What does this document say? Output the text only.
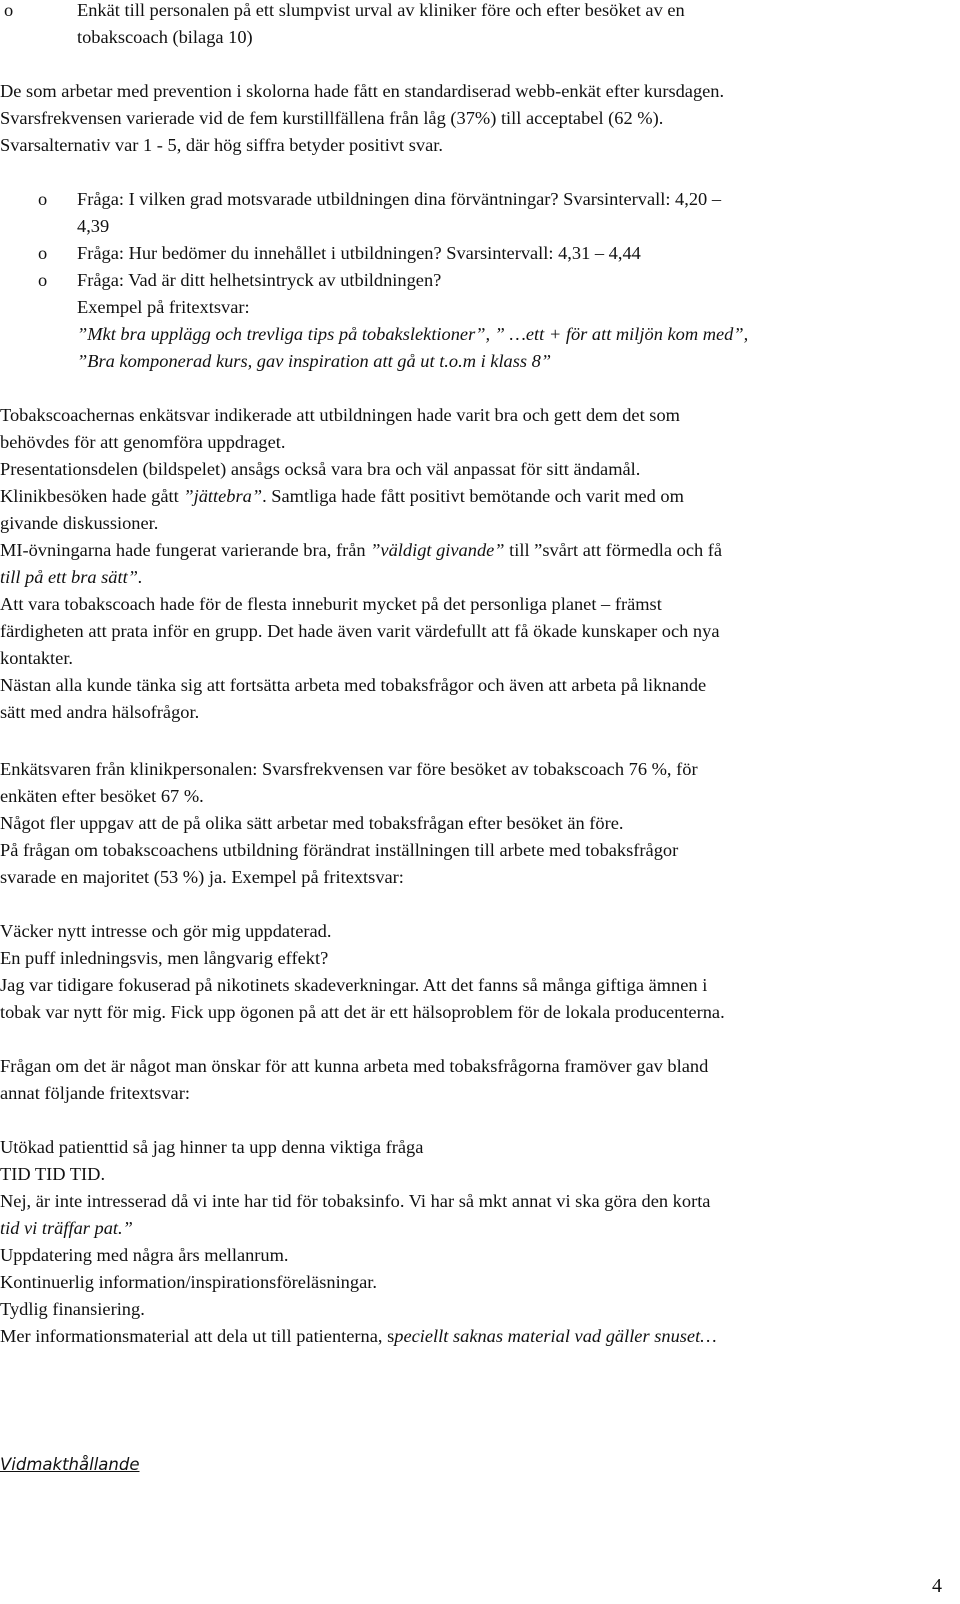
o	Enkät till personalen på ett slumpvist urval av kliniker före och efter besöket av en
tobakscoach (bilaga 10)
De som arbetar med prevention i skolorna hade fått en standardiserad webb-enkät efter kursdagen.
Svarsfrekvensen varierade vid de fem kurstillfällena från låg (37%) till acceptabel (62 %).
Svarsalternativ var 1 - 5, där hög siffra betyder positivt svar.
o Fråga: I vilken grad motsvarade utbildningen dina förväntningar? Svarsintervall: 4,20 –
4,39
o Fråga: Hur bedömer du innehållet i utbildningen? Svarsintervall: 4,31 – 4,44
o Fråga: Vad är ditt helhetsintryck av utbildningen?
Exempel på fritextsvar:
”Mkt bra upplägg och trevliga tips på tobakslektioner”, ” …ett + för att miljön kom med”,
”Bra komponerad kurs, gav inspiration att gå ut t.o.m i klass 8”
Tobakscoachernas enkätsvar indikerade att utbildningen hade varit bra och gett dem det som
behövdes för att genomföra uppdraget.
Presentationsdelen (bildspelet) ansågs också vara bra och väl anpassat för sitt ändamål.
Klinikbesöken hade gått ”jättebra”. Samtliga hade fått positivt bemötande och varit med om
givande diskussioner.
MI-övningarna hade fungerat varierande bra, från ”väldigt givande” till ”svårt att förmedla och få
till på ett bra sätt”.
Att vara tobakscoach hade för de flesta inneburit mycket på det personliga planet – främst
färdigheten att prata inför en grupp. Det hade även varit värdefullt att få ökade kunskaper och nya
kontakter.
Nästan alla kunde tänka sig att fortsätta arbeta med tobaksfrågor och även att arbeta på liknande
sätt med andra hälsofrågor.
Enkätsvaren från klinikpersonalen: Svarsfrekvensen var före besöket av tobakscoach 76 %, för
enkäten efter besöket 67 %.
Något fler uppgav att de på olika sätt arbetar med tobaksfrågan efter besöket än före.
På frågan om tobakscoachens utbildning förändrat inställningen till arbete med tobaksfrågor
svarade en majoritet (53 %) ja. Exempel på fritextsvar:
Väcker nytt intresse och gör mig uppdaterad.
En puff inledningsvis, men långvarig effekt?
Jag var tidigare fokuserad på nikotinets skadeverkningar. Att det fanns så många giftiga ämnen i
tobak var nytt för mig. Fick upp ögonen på att det är ett hälsoproblem för de lokala producenterna.
Frågan om det är något man önskar för att kunna arbeta med tobaksfrågorna framöver gav bland
annat följande fritextsvar:
Utökad patienttid så jag hinner ta upp denna viktiga fråga
TID TID TID.
Nej, är inte intresserad då vi inte har tid för tobaksinfo. Vi har så mkt annat vi ska göra den korta
tid vi träffar pat.”
Uppdatering med några års mellanrum.
Kontinuerlig information/inspirationsföreläsningar.
Tydlig finansiering.
Mer informationsmaterial att dela ut till patienterna, speciellt saknas material vad gäller snuset…
Vidmakthållande
4
